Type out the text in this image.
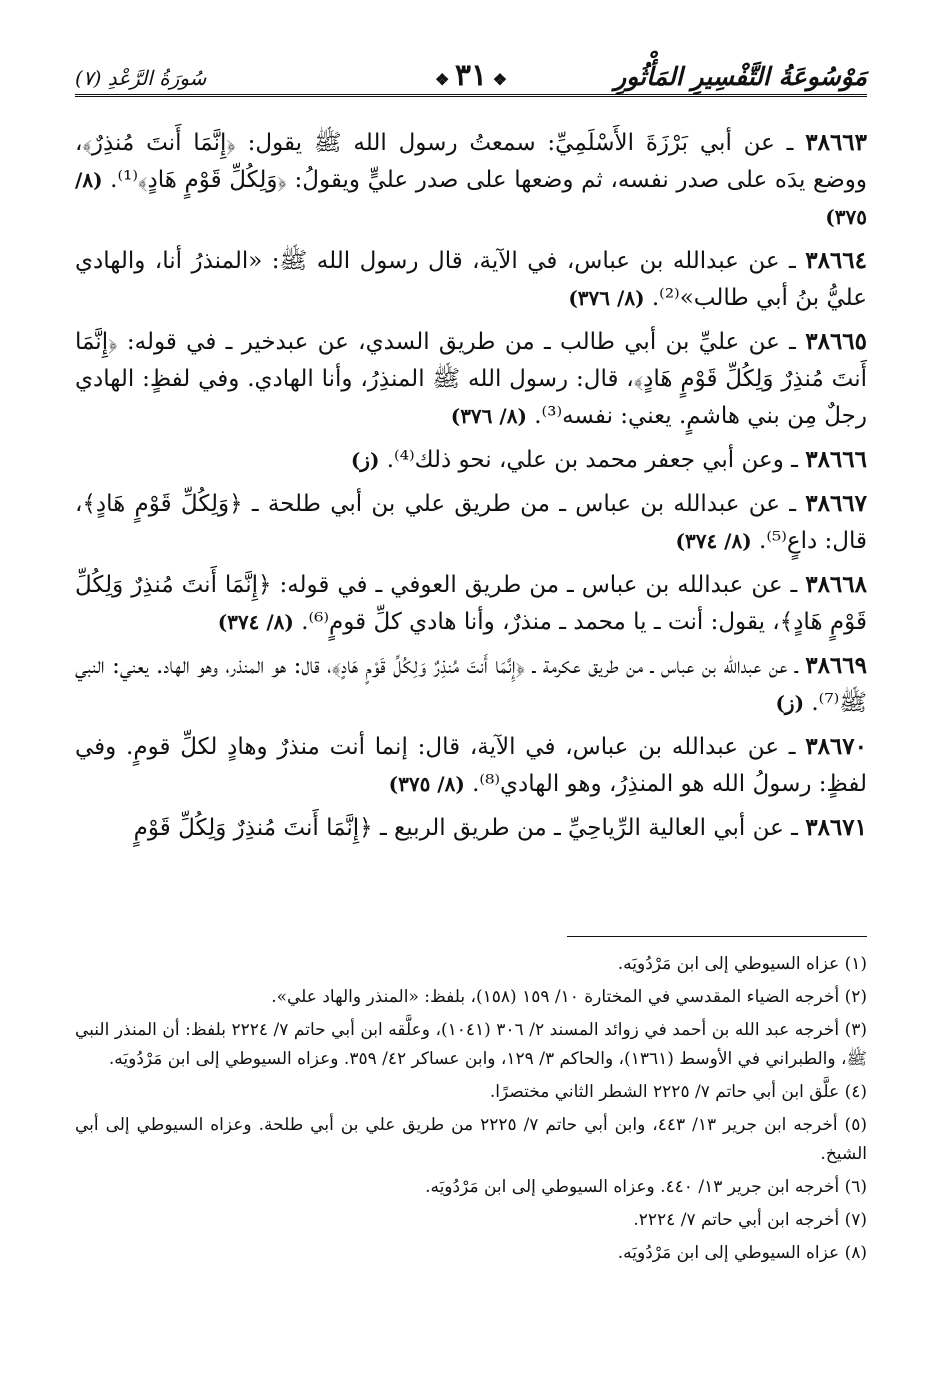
مَوْسُوعَةُ التَّفْسِيرِ المَأْثُورِ
❖ ٣١ ❖
سُورَةُ الرَّعْدِ (٧)

٣٨٦٦٣ ـ عن أبي بَرْزَةَ الأَسْلَمِيِّ: سمعتُ رسول الله ﷺ يقول: ﴿إِنَّمَا أَنتَ مُنذِرٌ﴾، ووضع يدَه على صدر نفسه، ثم وضعها على صدر عليٍّ ويقولُ: ﴿وَلِكُلِّ قَوْمٍ هَادٍ﴾⁽¹⁾. (٨/ ٣٧٥)

٣٨٦٦٤ ـ عن عبدالله بن عباس، في الآية، قال رسول الله ﷺ: «المنذرُ أنا، والهادي عليُّ بنُ أبي طالب»⁽²⁾. (٨/ ٣٧٦)

٣٨٦٦٥ ـ عن عليِّ بن أبي طالب ـ من طريق السدي، عن عبدخير ـ في قوله: ﴿إِنَّمَا أَنتَ مُنذِرٌ وَلِكُلِّ قَوْمٍ هَادٍ﴾، قال: رسول الله ﷺ المنذِرُ، وأنا الهادي. وفي لفظٍ: الهادي رجلٌ مِن بني هاشمٍ. يعني: نفسه⁽³⁾. (٨/ ٣٧٦)

٣٨٦٦٦ ـ وعن أبي جعفر محمد بن علي، نحو ذلك⁽⁴⁾. (ز)

٣٨٦٦٧ ـ عن عبدالله بن عباس ـ من طريق علي بن أبي طلحة ـ ﴿وَلِكُلِّ قَوْمٍ هَادٍ﴾، قال: داعٍ⁽⁵⁾. (٨/ ٣٧٤)

٣٨٦٦٨ ـ عن عبدالله بن عباس ـ من طريق العوفي ـ في قوله: ﴿إِنَّمَا أَنتَ مُنذِرٌ وَلِكُلِّ قَوْمٍ هَادٍ﴾، يقول: أنت ـ يا محمد ـ منذرٌ، وأنا هادي كلِّ قومٍ⁽⁶⁾. (٨/ ٣٧٤)

٣٨٦٦٩ ـ عن عبدالله بن عباس ـ من طريق عكرمة ـ ﴿إِنَّمَا أَنتَ مُنذِرٌ وَلِكُلِّ قَوْمٍ هَادٍ﴾، قال: هو المنذر، وهو الهاد. يعني: النبي ﷺ⁽⁷⁾. (ز)

٣٨٦٧٠ ـ عن عبدالله بن عباس، في الآية، قال: إنما أنت منذرٌ وهادٍ لكلِّ قومٍ. وفي لفظٍ: رسولُ الله هو المنذِرُ، وهو الهادي⁽⁸⁾. (٨/ ٣٧٥)

٣٨٦٧١ ـ عن أبي العالية الرِّياحِيِّ ـ من طريق الربيع ـ ﴿إِنَّمَا أَنتَ مُنذِرٌ وَلِكُلِّ قَوْمٍ

(١) عزاه السيوطي إلى ابن مَرْدُويَه.

(٢) أخرجه الضياء المقدسي في المختارة ١٠/ ١٥٩ (١٥٨)، بلفظ: «المنذر والهاد علي».

(٣) أخرجه عبد الله بن أحمد في زوائد المسند ٢/ ٣٠٦ (١٠٤١)، وعلَّقه ابن أبي حاتم ٧/ ٢٢٢٤ بلفظ: أن المنذر النبي ﷺ، والطبراني في الأوسط (١٣٦١)، والحاكم ٣/ ١٢٩، وابن عساكر ٤٢/ ٣٥٩. وعزاه السيوطي إلى ابن مَرْدُويَه.

(٤) علَّق ابن أبي حاتم ٧/ ٢٢٢٥ الشطر الثاني مختصرًا.

(٥) أخرجه ابن جرير ١٣/ ٤٤٣، وابن أبي حاتم ٧/ ٢٢٢٥ من طريق علي بن أبي طلحة. وعزاه السيوطي إلى أبي الشيخ.

(٦) أخرجه ابن جرير ١٣/ ٤٤٠. وعزاه السيوطي إلى ابن مَرْدُويَه.

(٧) أخرجه ابن أبي حاتم ٧/ ٢٢٢٤.

(٨) عزاه السيوطي إلى ابن مَرْدُويَه.
